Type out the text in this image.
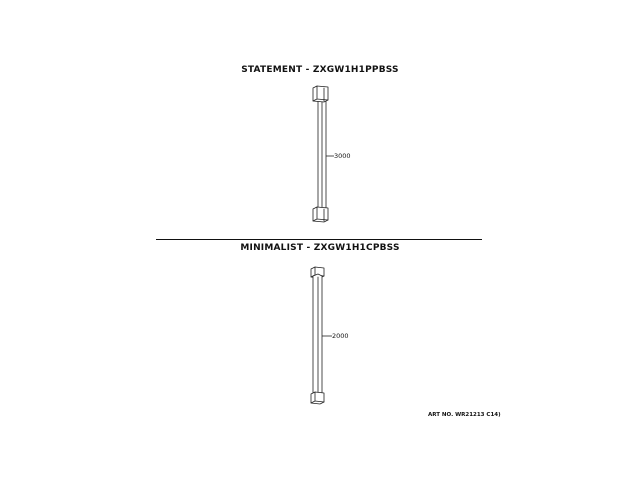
STATEMENT - ZXGW1H1PPBSS
3000
MINIMALIST - ZXGW1H1CPBSS
2000
ART NO. WR21213 C14)
